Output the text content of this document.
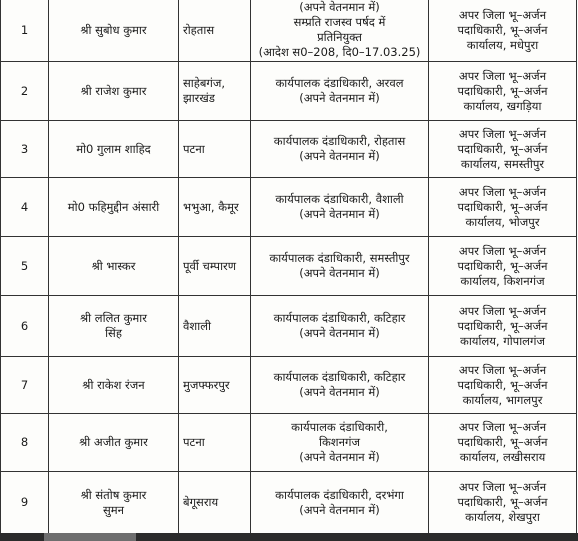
1	श्री सुबोध कुमार	रोहतास	(अपने वेतनमान में)
सम्प्रति राजस्व पर्षद में
प्रतिनियुक्त
(आदेश स0–208, दि0–17.03.25)	अपर जिला भू–अर्जन
पदाधिकारी, भू–अर्जन
कार्यालय, मधेपुरा

2	श्री राजेश कुमार	साहेबगंज,
झारखंड	कार्यपालक दंडाधिकारी, अरवल
(अपने वेतनमान में)	अपर जिला भू–अर्जन
पदाधिकारी, भू–अर्जन
कार्यालय, खगड़िया

3	मो0 गुलाम शाहिद	पटना	कार्यपालक दंडाधिकारी, रोहतास
(अपने वेतनमान में)	अपर जिला भू–अर्जन
पदाधिकारी, भू–अर्जन
कार्यालय, समस्तीपुर

4	मो0 फहिमुद्दीन अंसारी	भभुआ, कैमूर	कार्यपालक दंडाधिकारी, वैशाली
(अपने वेतनमान में)	अपर जिला भू–अर्जन
पदाधिकारी, भू–अर्जन
कार्यालय, भोजपुर

5	श्री भास्कर	पूर्वी चम्पारण	कार्यपालक दंडाधिकारी, समस्तीपुर
(अपने वेतनमान में)	अपर जिला भू–अर्जन
पदाधिकारी, भू–अर्जन
कार्यालय, किशनगंज

6	श्री ललित कुमार
सिंह	वैशाली	कार्यपालक दंडाधिकारी, कटिहार
(अपने वेतनमान में)	अपर जिला भू–अर्जन
पदाधिकारी, भू–अर्जन
कार्यालय, गोपालगंज

7	श्री राकेश रंजन	मुजफ्फरपुर	कार्यपालक दंडाधिकारी, कटिहार
(अपने वेतनमान में)	अपर जिला भू–अर्जन
पदाधिकारी, भू–अर्जन
कार्यालय, भागलपुर

8	श्री अजीत कुमार	पटना	कार्यपालक दंडाधिकारी,
किशनगंज
(अपने वेतनमान में)	अपर जिला भू–अर्जन
पदाधिकारी, भू–अर्जन
कार्यालय, लखीसराय

9	श्री संतोष कुमार
सुमन	बेगूसराय	कार्यपालक दंडाधिकारी, दरभंगा
(अपने वेतनमान में)	अपर जिला भू–अर्जन
पदाधिकारी, भू–अर्जन
कार्यालय, शेखपुरा
